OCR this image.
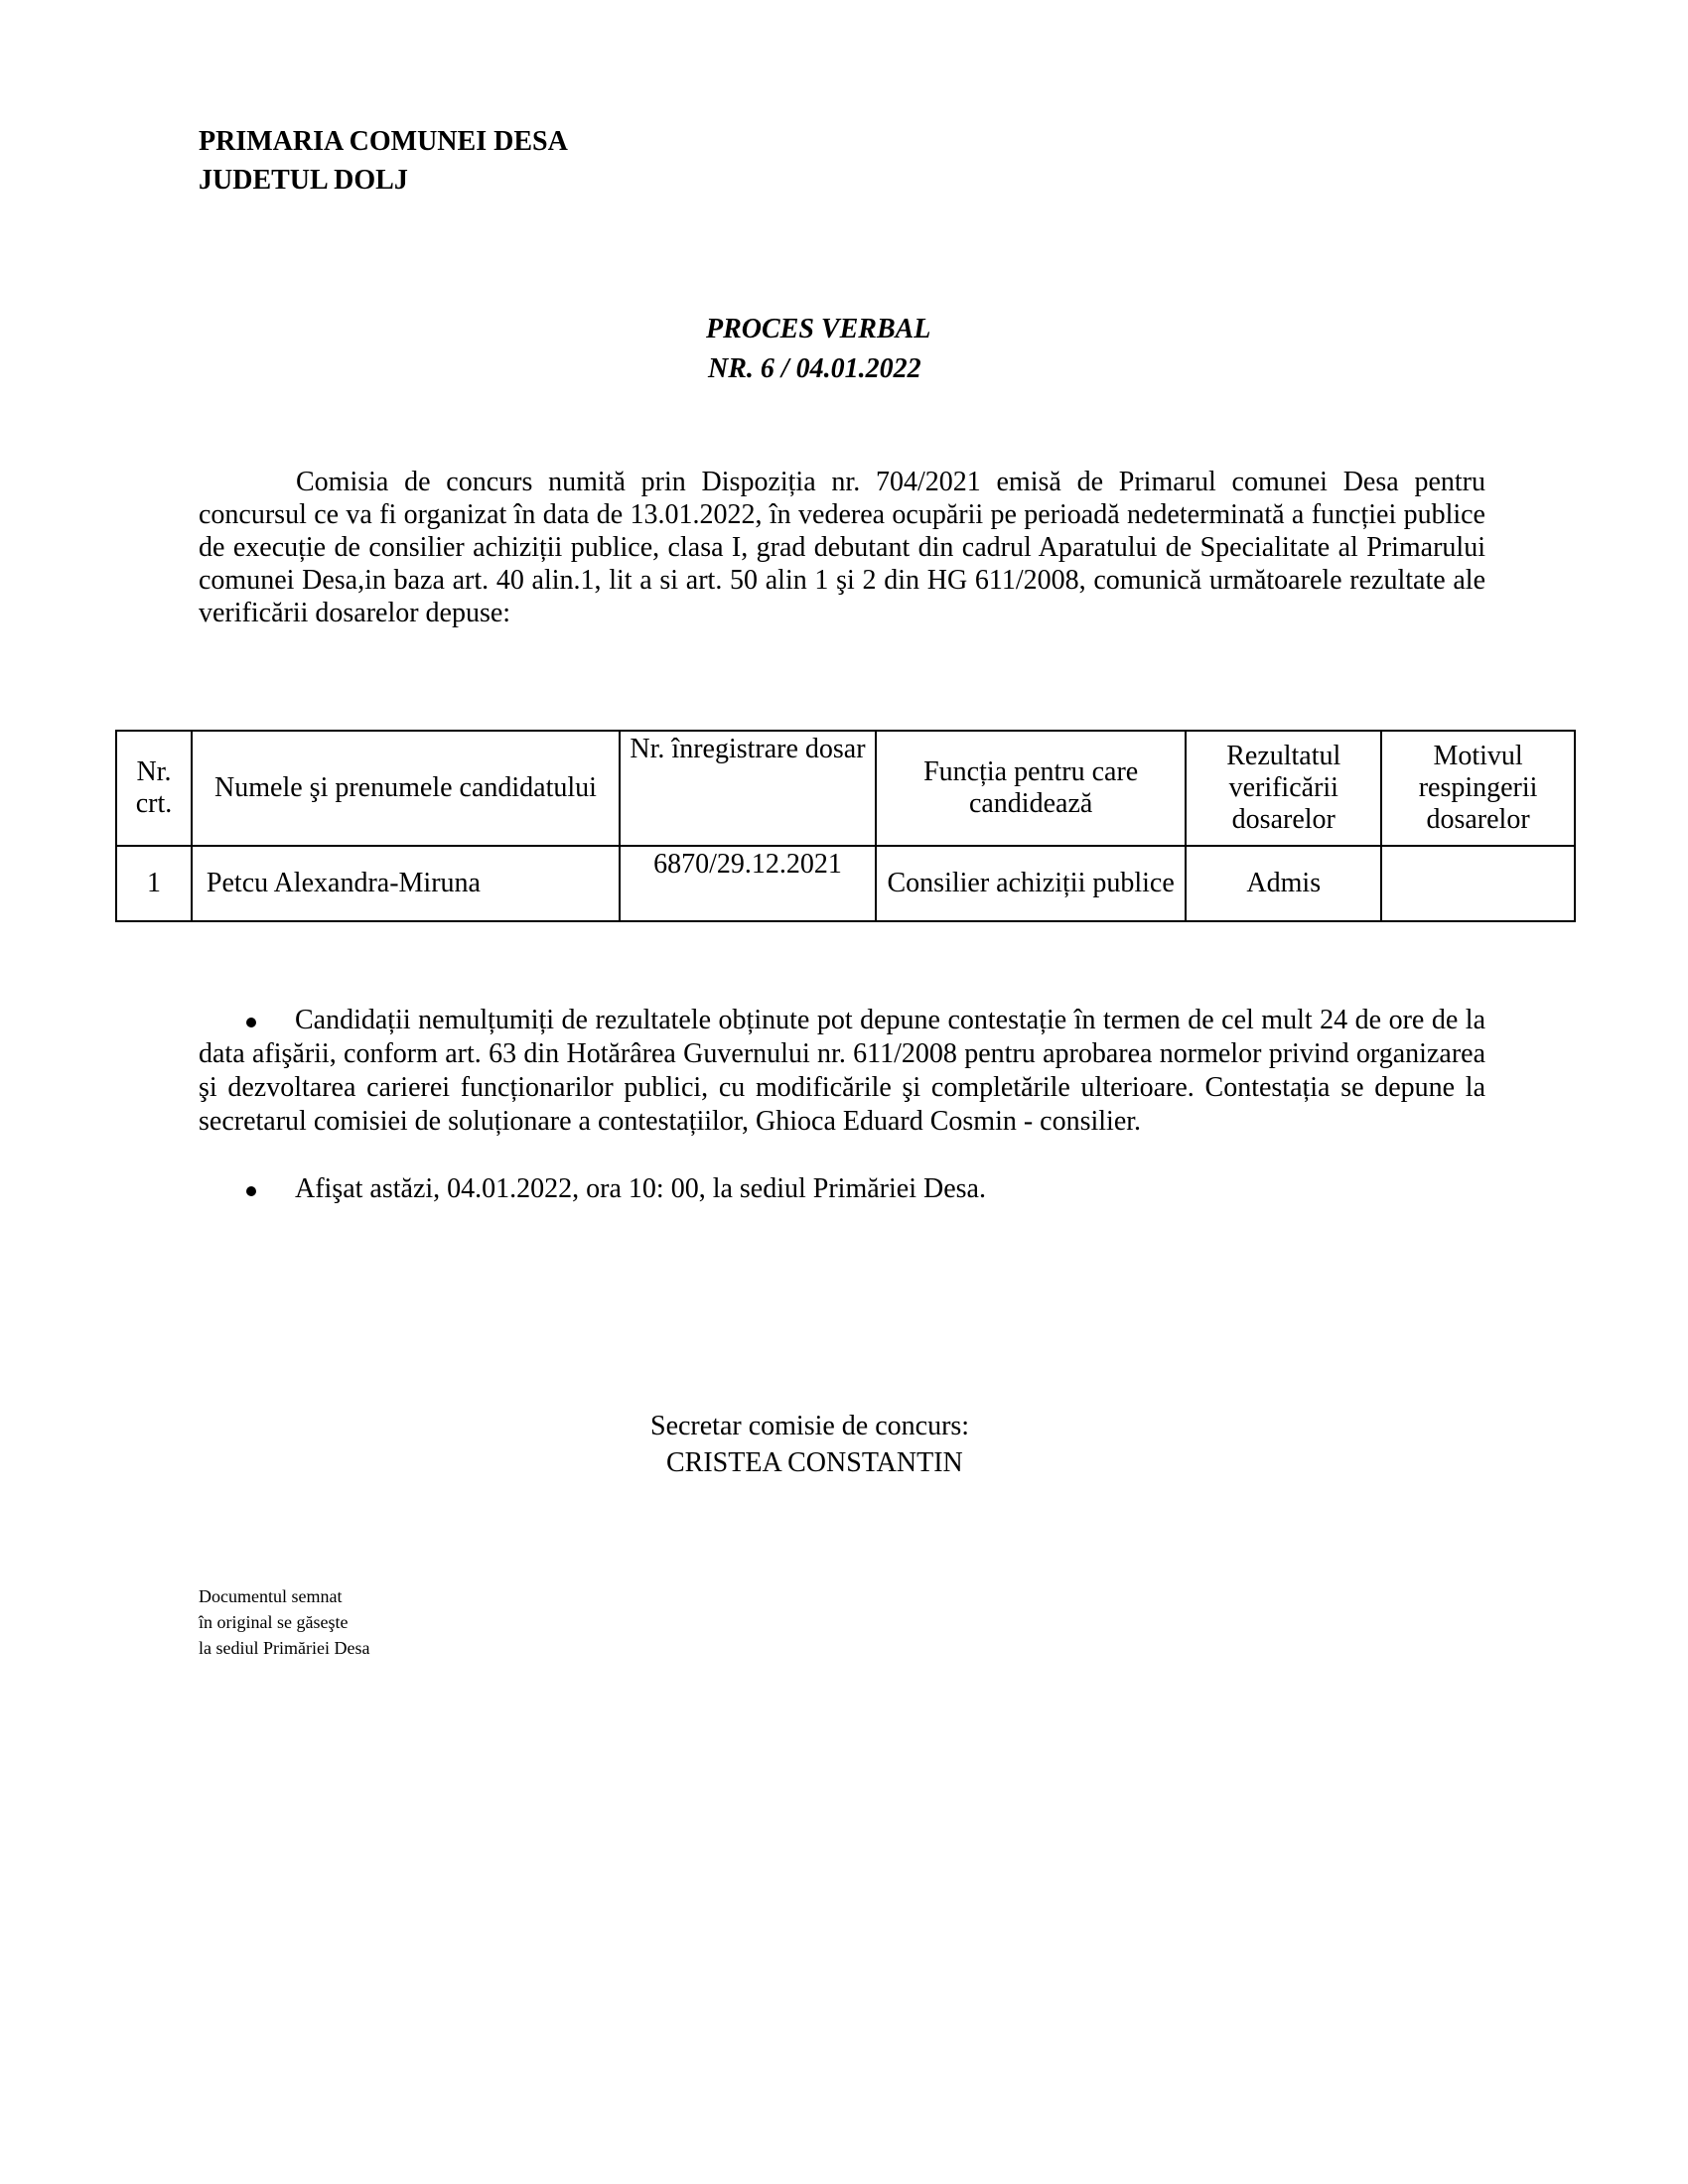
PRIMARIA COMUNEI DESA
JUDETUL DOLJ
PROCES VERBAL
NR. 6 / 04.01.2022

Comisia de concurs numită prin Dispoziția nr. 704/2021 emisă de Primarul comunei Desa pentru concursul ce va fi organizat în data de 13.01.2022, în vederea ocupării pe perioadă nedeterminată a funcției publice de execuție de consilier achiziții publice, clasa I, grad debutant din cadrul Aparatului de Specialitate al Primarului comunei Desa,in baza art. 40 alin.1, lit a si art. 50 alin 1 şi 2 din HG 611/2008, comunică următoarele rezultate ale verificării dosarelor depuse:

Nr. crt.	Numele şi prenumele candidatului	Nr. înregistrare dosar	Funcția pentru care candidează	Rezultatul verificării dosarelor	Motivul respingerii dosarelor
1	Petcu Alexandra-Miruna	6870/29.12.2021	Consilier achiziții publice	Admis	

Candidații nemulțumiți de rezultatele obținute pot depune contestație în termen de cel mult 24 de ore de la data afişării, conform art. 63 din Hotărârea Guvernului nr. 611/2008 pentru aprobarea normelor privind organizarea şi dezvoltarea carierei funcționarilor publici, cu modificările şi completările ulterioare. Contestația se depune la secretarul comisiei de soluționare a contestațiilor, Ghioca Eduard Cosmin - consilier.

Afişat astăzi, 04.01.2022, ora 10: 00, la sediul Primăriei Desa.

Secretar comisie de concurs:
CRISTEA CONSTANTIN
Documentul semnat
în original se găseşte
la sediul Primăriei Desa
